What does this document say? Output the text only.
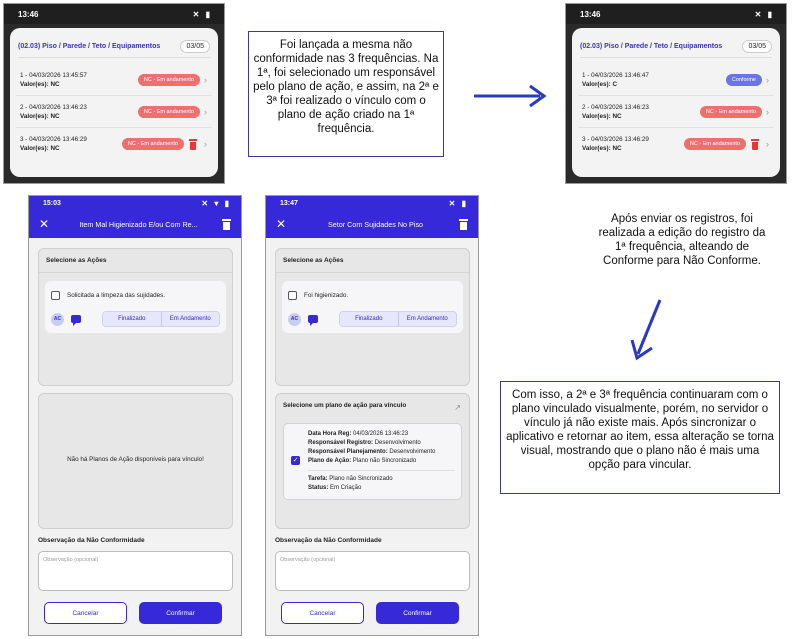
13:46	✕ ▮
(02.03) Piso / Parede / Teto / Equipamentos	03/05
1 - 04/03/2026 13:45:57
Valor(es): NC
NC - Em andamento	›
2 - 04/03/2026 13:46:23
Valor(es): NC
NC - Em andamento	›
3 - 04/03/2026 13:46:29
Valor(es): NC
NC - Em andamento	›
Foi lançada a mesma não conformidade nas 3 frequências. Na 1ª, foi selecionado um responsável pelo plano de ação, e assim, na 2ª e 3ª foi realizado o vínculo com o plano de ação criado na 1ª frequência.
13:46	✕ ▮
(02.03) Piso / Parede / Teto / Equipamentos	03/05
1 - 04/03/2026 13:46:47
Valor(es): C
Conforme	›
2 - 04/03/2026 13:46:23
Valor(es): NC
NC - Em andamento	›
3 - 04/03/2026 13:46:29
Valor(es): NC
NC - Em andamento	›
Após enviar os registros, foi realizada a edição do registro da 1ª frequência, alteando de Conforme para Não Conforme.
Com isso, a 2ª e 3ª frequência continuaram com o plano vinculado visualmente, porém, no servidor o vínculo já não existe mais. Após sincronizar o aplicativo e retornar ao item, essa alteração se torna visual, mostrando que o plano não é mais uma opção para vincular.
15:03	✕ ▾ ▮
✕	Item Mal Higienizado E/ou Com Re...
Selecione as Ações
Solicitada a limpeza das sujidades.
AC	Finalizado	Em Andamento
Não há Planos de Ação disponíveis para vínculo!
Observação da Não Conformidade
Observação (opcional)
Cancelar	Confirmar
13:47	✕ ▮
✕	Setor Com Sujidades No Piso
Selecione as Ações
Foi higienizado.
AC	Finalizado	Em Andamento
Selecione um plano de ação para vínculo	↗
✓
Data Hora Reg: 04/03/2026 13:46:23
Responsável Registro: Desenvolvimento
Responsável Planejamento: Desenvolvimento
Plano de Ação: Plano não Sincronizado
Tarefa: Plano não Sincronizado
Status: Em Criação
Observação da Não Conformidade
Observação (opcional)
Cancelar	Confirmar
